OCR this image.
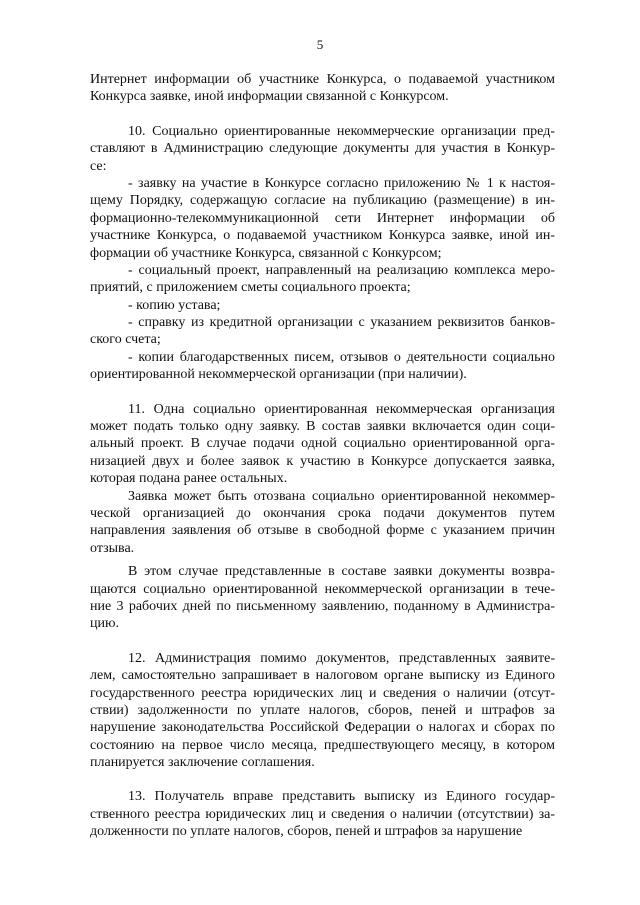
5
Интернет информации об участнике Конкурса, о подаваемой участником
Конкурса заявке, иной информации связанной с Конкурсом.
10. Социально ориентированные некоммерческие организации пред-
ставляют в Администрацию следующие документы для участия в Конкур-
се:
- заявку на участие в Конкурсе согласно приложению № 1 к настоя-
щему Порядку, содержащую согласие на публикацию (размещение) в ин-
формационно-телекоммуникационной сети Интернет информации об
участнике Конкурса, о подаваемой участником Конкурса заявке, иной ин-
формации об участнике Конкурса, связанной с Конкурсом;
- социальный проект, направленный на реализацию комплекса меро-
приятий, с приложением сметы социального проекта;
- копию устава;
- справку из кредитной организации с указанием реквизитов банков-
ского счета;
- копии благодарственных писем, отзывов о деятельности социально
ориентированной некоммерческой организации (при наличии).
11. Одна социально ориентированная некоммерческая организация
может подать только одну заявку. В состав заявки включается один соци-
альный проект. В случае подачи одной социально ориентированной орга-
низацией двух и более заявок к участию в Конкурсе допускается заявка,
которая подана ранее остальных.
Заявка может быть отозвана социально ориентированной некоммер-
ческой организацией до окончания срока подачи документов путем
направления заявления об отзыве в свободной форме с указанием причин
отзыва.
В этом случае представленные в составе заявки документы возвра-
щаются социально ориентированной некоммерческой организации в тече-
ние 3 рабочих дней по письменному заявлению, поданному в Администра-
цию.
12. Администрация помимо документов, представленных заявите-
лем, самостоятельно запрашивает в налоговом органе выписку из Единого
государственного реестра юридических лиц и сведения о наличии (отсут-
ствии) задолженности по уплате налогов, сборов, пеней и штрафов за
нарушение законодательства Российской Федерации о налогах и сборах по
состоянию на первое число месяца, предшествующего месяцу, в котором
планируется заключение соглашения.
13. Получатель вправе представить выписку из Единого государ-
ственного реестра юридических лиц и сведения о наличии (отсутствии) за-
долженности по уплате налогов, сборов, пеней и штрафов за нарушение
